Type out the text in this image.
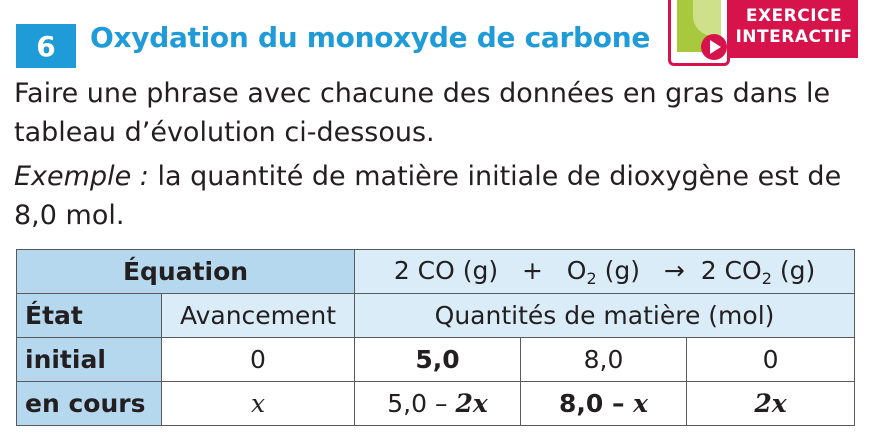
6	Oxydation du monoxyde de carbone
EXERCICE
INTERACTIF

Faire une phrase avec chacune des données en gras dans le tableau d’évolution ci-dessous.

Exemple : la quantité de matière initiale de dioxygène est de 8,0 mol.

Équation		2 CO $(g) + O_2$ (g) → 2 $CO_2$ (g)		
État	Avancement	Quantités de matière (mol)		
initial	0	5,0	8,0	0
en cours	x	5,0 – 2x	8,0 – x	2x
